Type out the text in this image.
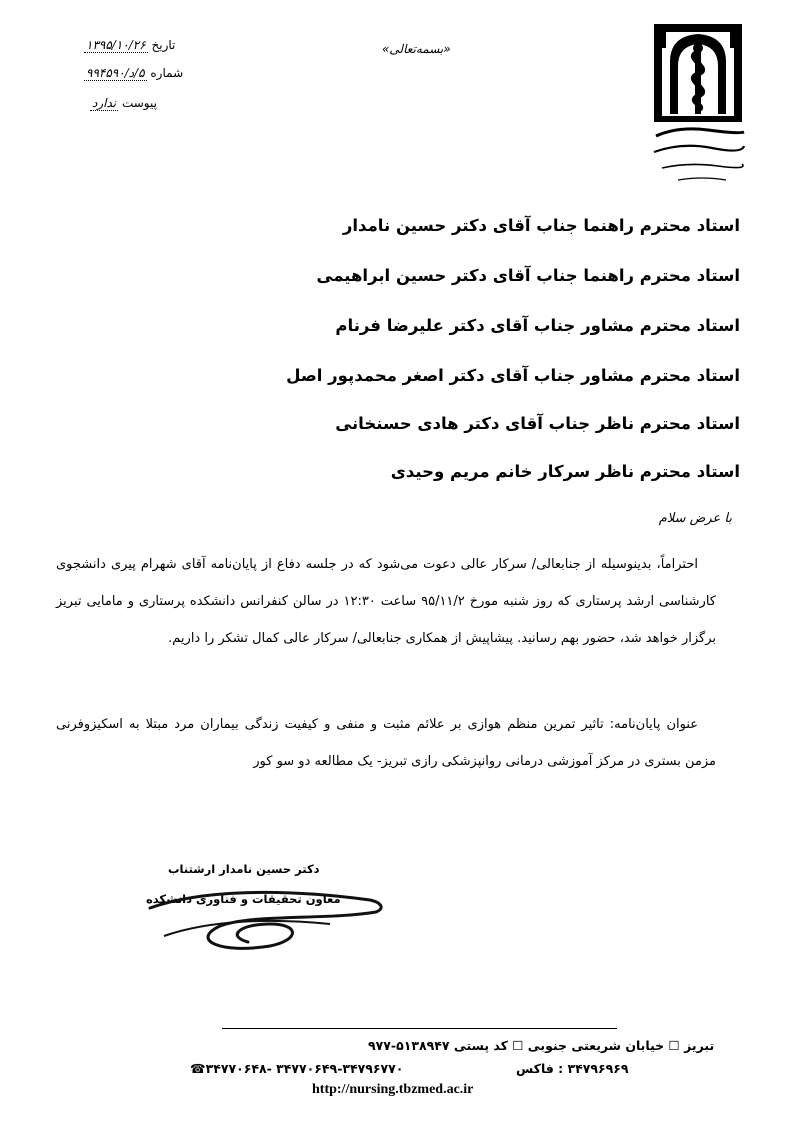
«بسمه‌تعالی»
تاریخ ۱۳۹۵/۱۰/۲۶
شماره ۵/د/۹۹۴۵۹۰
پیوست ندارد
استاد محترم راهنما جناب آقای دکتر حسین نامدار
استاد محترم راهنما جناب آقای دکتر حسین ابراهیمی
استاد محترم مشاور جناب آقای دکتر علیرضا فرنام
استاد محترم مشاور جناب آقای دکتر اصغر محمدپور اصل
استاد محترم ناظر جناب آقای دکتر هادی حسنخانی
استاد محترم ناظر سرکار خانم مریم وحیدی
با عرض سلام
احتراماً، بدینوسیله از جنابعالی/ سرکار عالی دعوت می‌شود که در جلسه دفاع از پایان‌نامه آقای شهرام پیری دانشجوی کارشناسی ارشد پرستاری که روز شنبه مورخ ۹۵/۱۱/۲ ساعت ۱۲:۳۰ در سالن کنفرانس دانشکده پرستاری و مامایی تبریز برگزار خواهد شد، حضور بهم رسانید. پیشاپیش از همکاری جنابعالی/ سرکار عالی کمال تشکر را داریم.
عنوان پایان‌نامه: تاثیر تمرین منظم هوازی بر علائم مثبت و منفی و کیفیت زندگی بیماران مرد مبتلا به اسکیزوفرنی مزمن بستری در مرکز آموزشی درمانی روانپزشکی رازی تبریز- یک مطالعه دو سو کور
دکتر حسین نامدار ارشتناب
معاون تحقیقات و فناوری دانشکده
تبریز ☐ خیابان شریعتی جنوبی ☐ کد پستی ۵۱۳۸۹۴۷-۹۷۷
۳۴۷۹۶۹۶۹ : فاکس
☎۳۴۷۷۰۶۴۸- ۳۴۷۷۰۶۴۹-۳۴۷۹۶۷۷۰
http://nursing.tbzmed.ac.ir
